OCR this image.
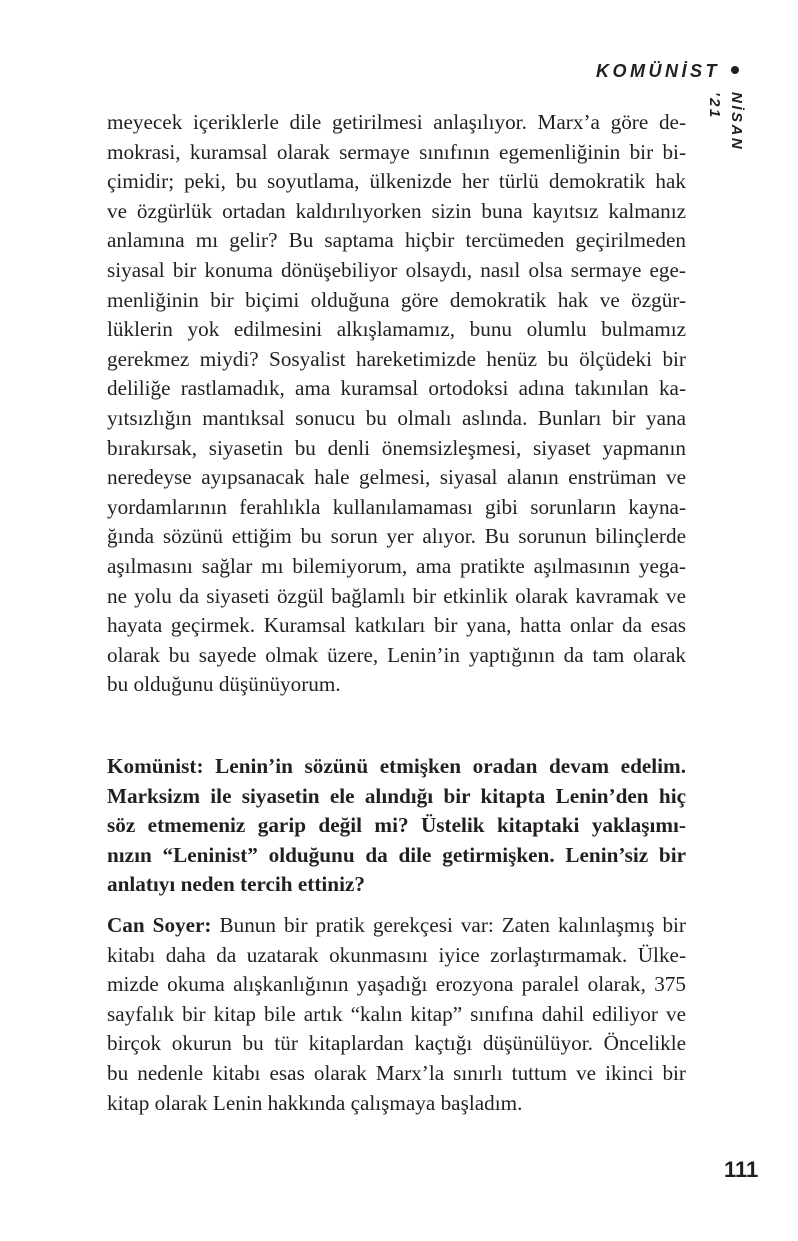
KOMÜNİST
NİSAN '21
meyecek içeriklerle dile getirilmesi anlaşılıyor. Marx’a göre de-
mokrasi, kuramsal olarak sermaye sınıfının egemenliğinin bir bi-
çimidir; peki, bu soyutlama, ülkenizde her türlü demokratik hak
ve özgürlük ortadan kaldırılıyorken sizin buna kayıtsız kalmanız
anlamına mı gelir? Bu saptama hiçbir tercümeden geçirilmeden
siyasal bir konuma dönüşebiliyor olsaydı, nasıl olsa sermaye ege-
menliğinin bir biçimi olduğuna göre demokratik hak ve özgür-
lüklerin yok edilmesini alkışlamamız, bunu olumlu bulmamız
gerekmez miydi? Sosyalist hareketimizde henüz bu ölçüdeki bir
deliliğe rastlamadık, ama kuramsal ortodoksi adına takınılan ka-
yıtsızlığın mantıksal sonucu bu olmalı aslında. Bunları bir yana
bırakırsak, siyasetin bu denli önemsizleşmesi, siyaset yapmanın
neredeyse ayıpsanacak hale gelmesi, siyasal alanın enstrüman ve
yordamlarının ferahlıkla kullanılamaması gibi sorunların kayna-
ğında sözünü ettiğim bu sorun yer alıyor. Bu sorunun bilinçlerde
aşılmasını sağlar mı bilemiyorum, ama pratikte aşılmasının yega-
ne yolu da siyaseti özgül bağlamlı bir etkinlik olarak kavramak ve
hayata geçirmek. Kuramsal katkıları bir yana, hatta onlar da esas
olarak bu sayede olmak üzere, Lenin’in yaptığının da tam olarak
bu olduğunu düşünüyorum.
Komünist: Lenin’in sözünü etmişken oradan devam edelim.
Marksizm ile siyasetin ele alındığı bir kitapta Lenin’den hiç
söz etmemeniz garip değil mi? Üstelik kitaptaki yaklaşımı-
nızın “Leninist” olduğunu da dile getirmişken. Lenin’siz bir
anlatıyı neden tercih ettiniz?
Can Soyer: Bunun bir pratik gerekçesi var: Zaten kalınlaşmış bir
kitabı daha da uzatarak okunmasını iyice zorlaştırmamak. Ülke-
mizde okuma alışkanlığının yaşadığı erozyona paralel olarak, 375
sayfalık bir kitap bile artık “kalın kitap” sınıfına dahil ediliyor ve
birçok okurun bu tür kitaplardan kaçtığı düşünülüyor. Öncelikle
bu nedenle kitabı esas olarak Marx’la sınırlı tuttum ve ikinci bir
kitap olarak Lenin hakkında çalışmaya başladım.
111
